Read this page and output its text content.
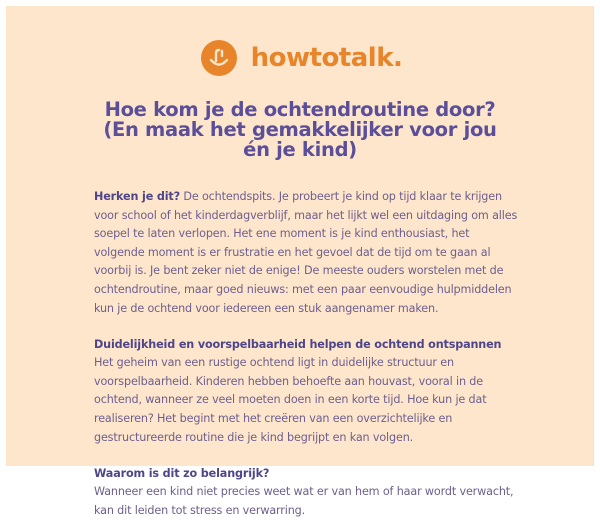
howtotalk.
Hoe kom je de ochtendroutine door? (En maak het gemakkelijker voor jou én je kind)

Herken je dit? De ochtendspits. Je probeert je kind op tijd klaar te krijgen voor school of het kinderdagverblijf, maar het lijkt wel een uitdaging om alles soepel te laten verlopen. Het ene moment is je kind enthousiast, het volgende moment is er frustratie en het gevoel dat de tijd om te gaan al voorbij is. Je bent zeker niet de enige! De meeste ouders worstelen met de ochtendroutine, maar goed nieuws: met een paar eenvoudige hulpmiddelen kun je de ochtend voor iedereen een stuk aangenamer maken.

Duidelijkheid en voorspelbaarheid helpen de ochtend ontspannen

Het geheim van een rustige ochtend ligt in duidelijke structuur en voorspelbaarheid. Kinderen hebben behoefte aan houvast, vooral in de ochtend, wanneer ze veel moeten doen in een korte tijd. Hoe kun je dat realiseren? Het begint met het creëren van een overzichtelijke en gestructureerde routine die je kind begrijpt en kan volgen.

Waarom is dit zo belangrijk?

Wanneer een kind niet precies weet wat er van hem of haar wordt verwacht, kan dit leiden tot stress en verwarring.
